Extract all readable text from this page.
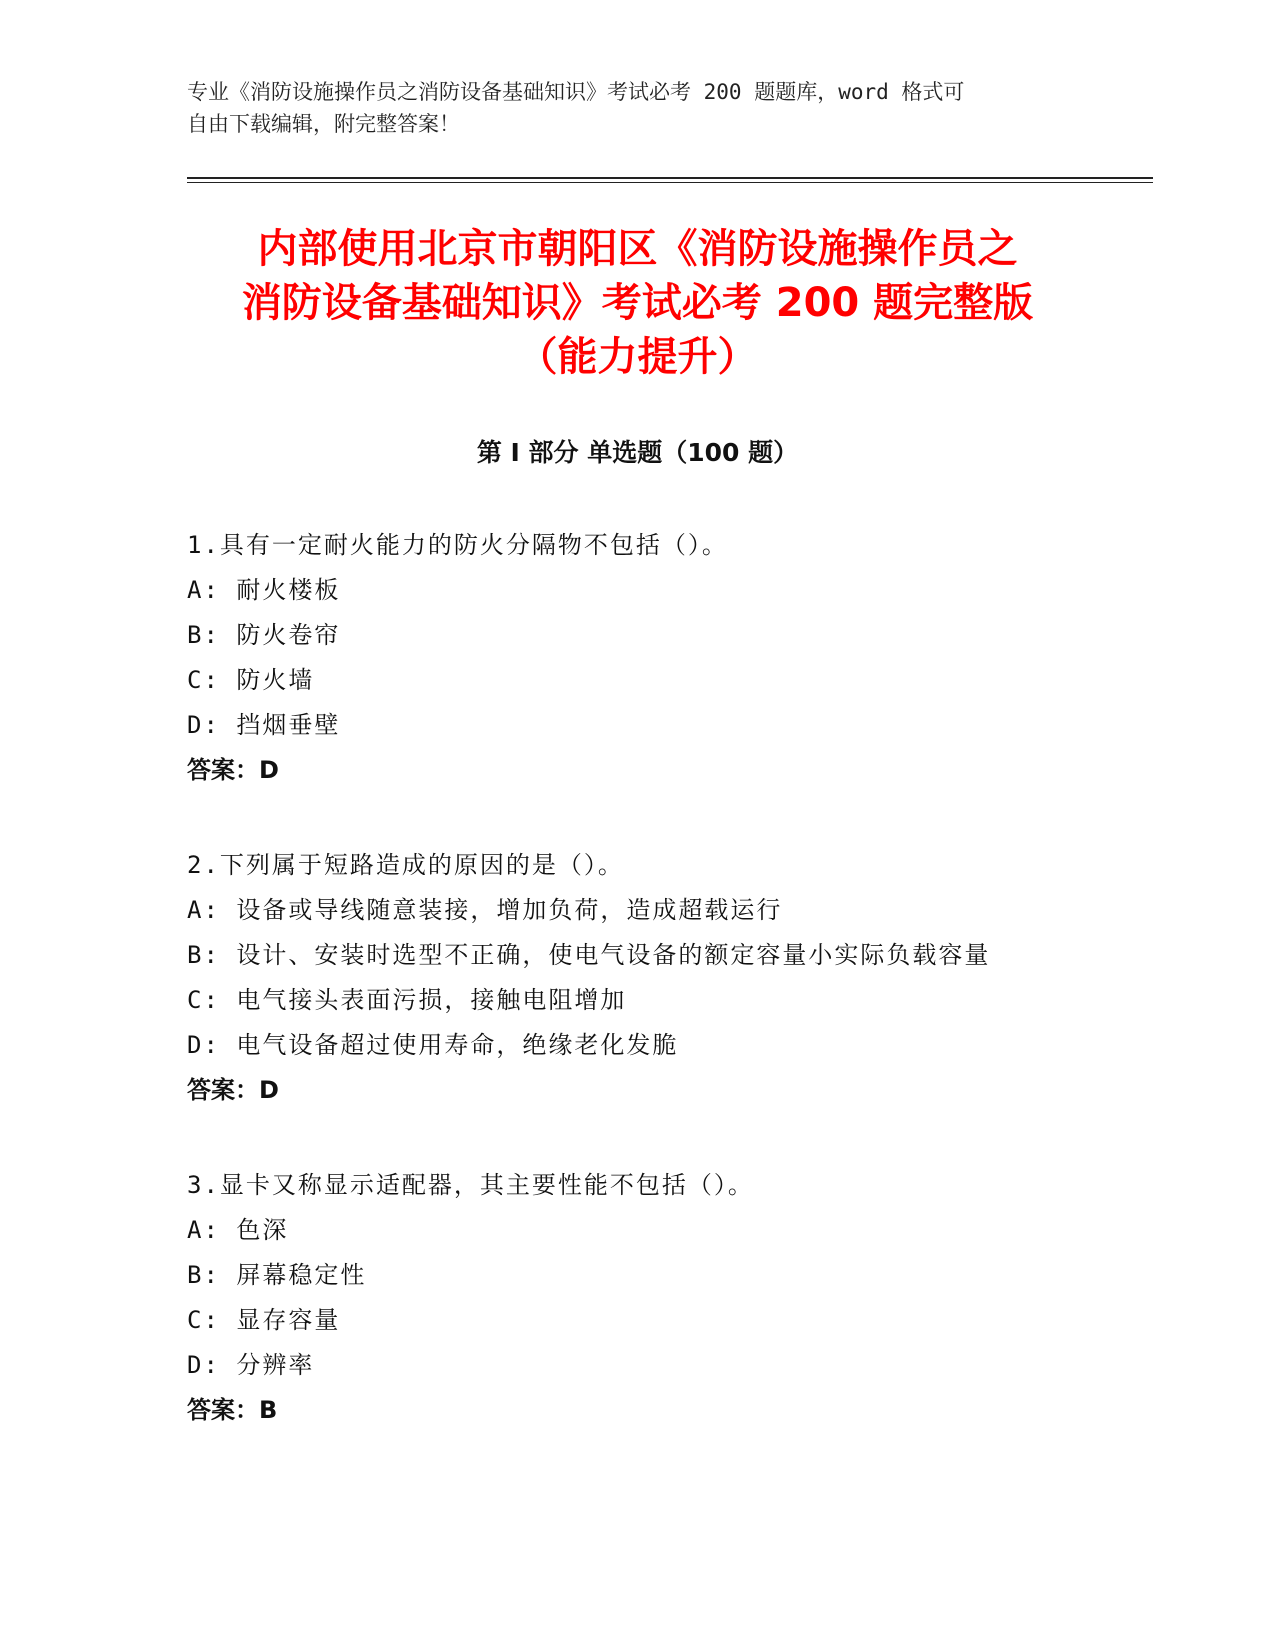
专业《消防设施操作员之消防设备基础知识》考试必考 200 题题库，word 格式可
自由下载编辑，附完整答案！
内部使用北京市朝阳区《消防设施操作员之
消防设备基础知识》考试必考 200 题完整版
（能力提升）
第 I 部分 单选题（100 题）
1.具有一定耐火能力的防火分隔物不包括（）。
A: 耐火楼板
B: 防火卷帘
C: 防火墙
D: 挡烟垂壁
答案：D
2.下列属于短路造成的原因的是（）。
A: 设备或导线随意装接，增加负荷，造成超载运行
B: 设计、安装时选型不正确，使电气设备的额定容量小实际负载容量
C: 电气接头表面污损，接触电阻增加
D: 电气设备超过使用寿命，绝缘老化发脆
答案：D
3.显卡又称显示适配器，其主要性能不包括（）。
A: 色深
B: 屏幕稳定性
C: 显存容量
D: 分辨率
答案：B
